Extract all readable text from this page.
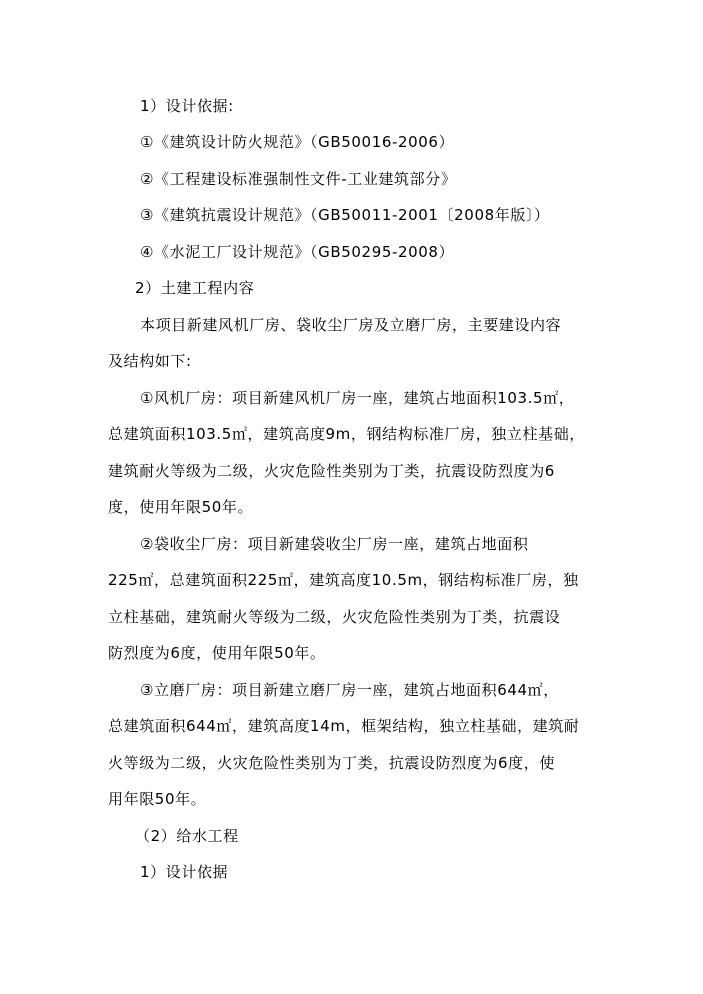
1）设计依据:
①《建筑设计防火规范》（GB50016-2006）
②《工程建设标准强制性文件-工业建筑部分》
③《建筑抗震设计规范》（GB50011-2001〔2008年版〕）
④《水泥工厂设计规范》（GB50295-2008）
2）土建工程内容
本项目新建风机厂房、袋收尘厂房及立磨厂房，主要建设内容
及结构如下:
①风机厂房：项目新建风机厂房一座，建筑占地面积103.5㎡，
总建筑面积103.5㎡，建筑高度9m，钢结构标准厂房，独立柱基础，
建筑耐火等级为二级，火灾危险性类别为丁类，抗震设防烈度为6
度，使用年限50年。
②袋收尘厂房：项目新建袋收尘厂房一座，建筑占地面积
225㎡，总建筑面积225㎡，建筑高度10.5m，钢结构标准厂房，独
立柱基础，建筑耐火等级为二级，火灾危险性类别为丁类，抗震设
防烈度为6度，使用年限50年。
③立磨厂房：项目新建立磨厂房一座，建筑占地面积644㎡，
总建筑面积644㎡，建筑高度14m，框架结构，独立柱基础，建筑耐
火等级为二级，火灾危险性类别为丁类，抗震设防烈度为6度，使
用年限50年。
（2）给水工程
1）设计依据
